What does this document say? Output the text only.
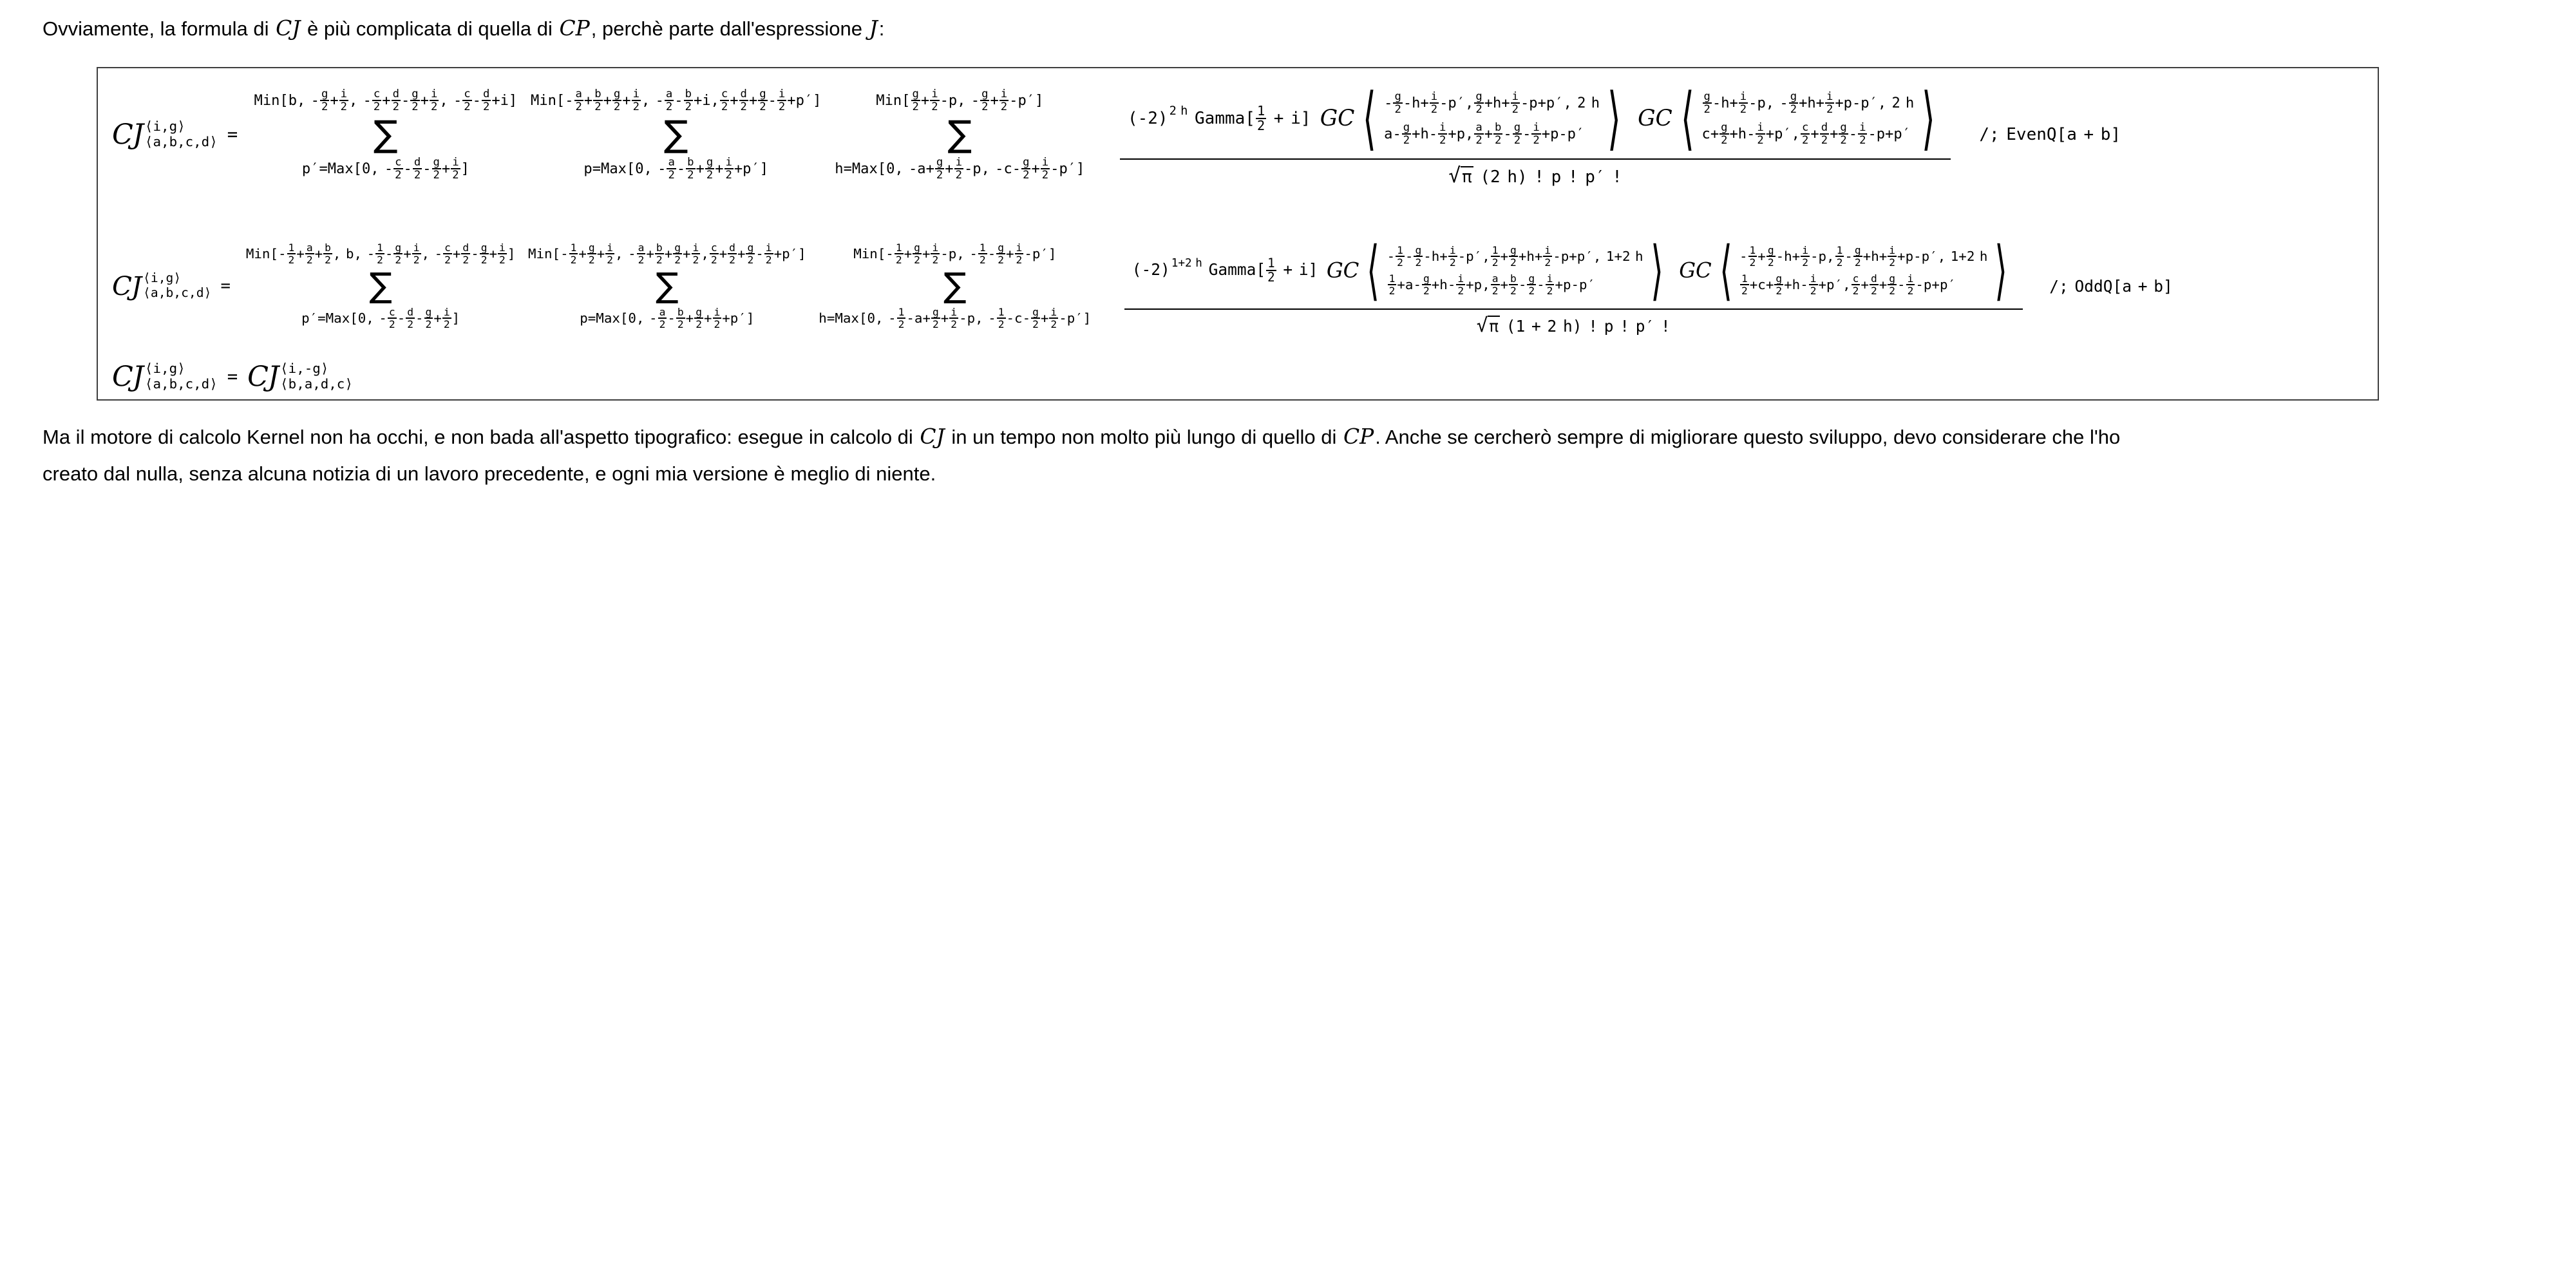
Ovviamente, la formula di CJ è più complicata di quella di CP, perchè parte dall'espressione J:
CJ ⟨i,g⟩
⟨a,b,c,d⟩ =
Min[b, - g
2 + i
2 , - c
2 + d
2 - g
2 + i
2 , - c
2 - d
2 +i]
∑
p′=Max[0, - c
2 - d
2 - g
2 + i
2 ]
Min[- a
2 + b
2 + g
2 + i
2 , - a
2 - b
2 +i, c
2 + d
2 + g
2 - i
2 +p′]
∑
p=Max[0, - a
2 - b
2 + g
2 + i
2 +p′]
Min[ g
2 + i
2 -p, - g
2 + i
2 -p′]
∑
h=Max[0, -a+ g
2 + i
2 -p, -c- g
2 + i
2 -p′]
(-2) $^{2 h}$ Gamma[ $\frac{1}{2} + i$] GC ⟨ - g
2 -h+ i
2 -p′, g
2 +h+ i
2 -p+p′, 2 h
a- g
2 +h- i
2 +p, a
2 + b
2 - g
2 - i
2 +p-p′ ⟩ GC ⟨ g
2 -h+ i
2 -p, - g
2 +h+ i
2 +p-p′, 2 h
c+ g
2 +h- i
2 +p′, c
2 + d
2 + g
2 - i
2 -p+p′ ⟩
√π (2 h) ! p ! p′ !
/; EvenQ[a + b]
CJ ⟨i,g⟩
⟨a,b,c,d⟩ =
Min[- 1
2 + a
2 + b
2 , b, - 1
2 - g
2 + i
2 , - c
2 + d
2 - g
2 + i
2 ]
∑
p′=Max[0, - c
2 - d
2 - g
2 + i
2 ]
Min[- 1
2 + g
2 + i
2 , - a
2 + b
2 + g
2 + i
2 , c
2 + d
2 + g
2 - i
2 +p′]
∑
p=Max[0, - a
2 - b
2 + g
2 + i
2 +p′]
Min[- 1
2 + g
2 + i
2 -p, - 1
2 - g
2 + i
2 -p′]
∑
h=Max[0, - 1
2 -a+ g
2 + i
2 -p, - 1
2 -c- g
2 + i
2 -p′]
(-2) $^{1+2 h}$ Gamma[ $\frac{1}{2} + i$] GC ⟨ - 1
2 - g
2 -h+ i
2 -p′, 1
2 + g
2 +h+ i
2 -p+p′, 1+2 h
1
2 +a- g
2 +h- i
2 +p, a
2 + b
2 - g
2 - i
2 +p-p′ ⟩ GC ⟨ - 1
2 + g
2 -h+ i
2 -p, 1
2 - g
2 +h+ i
2 +p-p′, 1+2 h
1
2 +c+ g
2 +h- i
2 +p′, c
2 + d
2 + g
2 - i
2 -p+p′ ⟩
√π (1 + 2 h) ! p ! p′ !
/; OddQ[a + b]
CJ ⟨i,g⟩
⟨a,b,c,d⟩ = CJ ⟨i,-g⟩
⟨b,a,d,c⟩
Ma il motore di calcolo Kernel non ha occhi, e non bada all'aspetto tipografico: esegue in calcolo di CJ in un tempo non molto più lungo di quello di CP. Anche se cercherò sempre di migliorare questo sviluppo, devo considerare che l'ho
creato dal nulla, senza alcuna notizia di un lavoro precedente, e ogni mia versione è meglio di niente.
